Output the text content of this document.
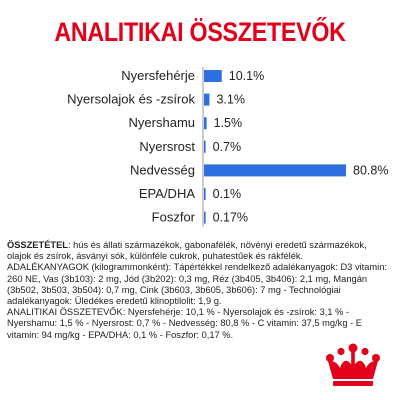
ANALITIKAI ÖSSZETEVŐK
Nyersfehérje	10.1%
Nyersolajok és -zsírok 3.1%
Nyershamu 1.5%
Nyersrost 0.7%
Nedvesség	80.8%
EPA/DHA 0.1%
Foszfor 0.17%

ÖSSZETÉTEL: hús és állati származékok, gabonafélék, növényi eredetű származékok, olajok és zsírok, ásványi sók, különféle cukrok, puhatestűek és rákfélék.

ADALÉKANYAGOK (kilogrammonként): Tápértékkel rendelkező adalékanyagok: D3 vitamin: 260 NE, Vas (3b103): 2 mg, Jód (3b202): 0,3 mg, Réz (3b405, 3b406): 2,1 mg, Mangán (3b502, 3b503, 3b504): 0,7 mg, Cink (3b603, 3b605, 3b606): 7 mg - Technológiai adalékanyagok: Üledékes eredetű klinoptilolit: 1,9 g.

ANALITIKAI ÖSSZETEVŐK: Nyersfehérje: 10,1 % - Nyersolajok és -zsírok: 3,1 % - Nyershamu: 1,5 % - Nyersrost: 0,7 % - Nedvesség: 80,8 % - C vitamin: 37,5 mg/kg - E vitamin: 94 mg/kg - EPA/DHA: 0,1 % - Foszfor: 0,17 %.
